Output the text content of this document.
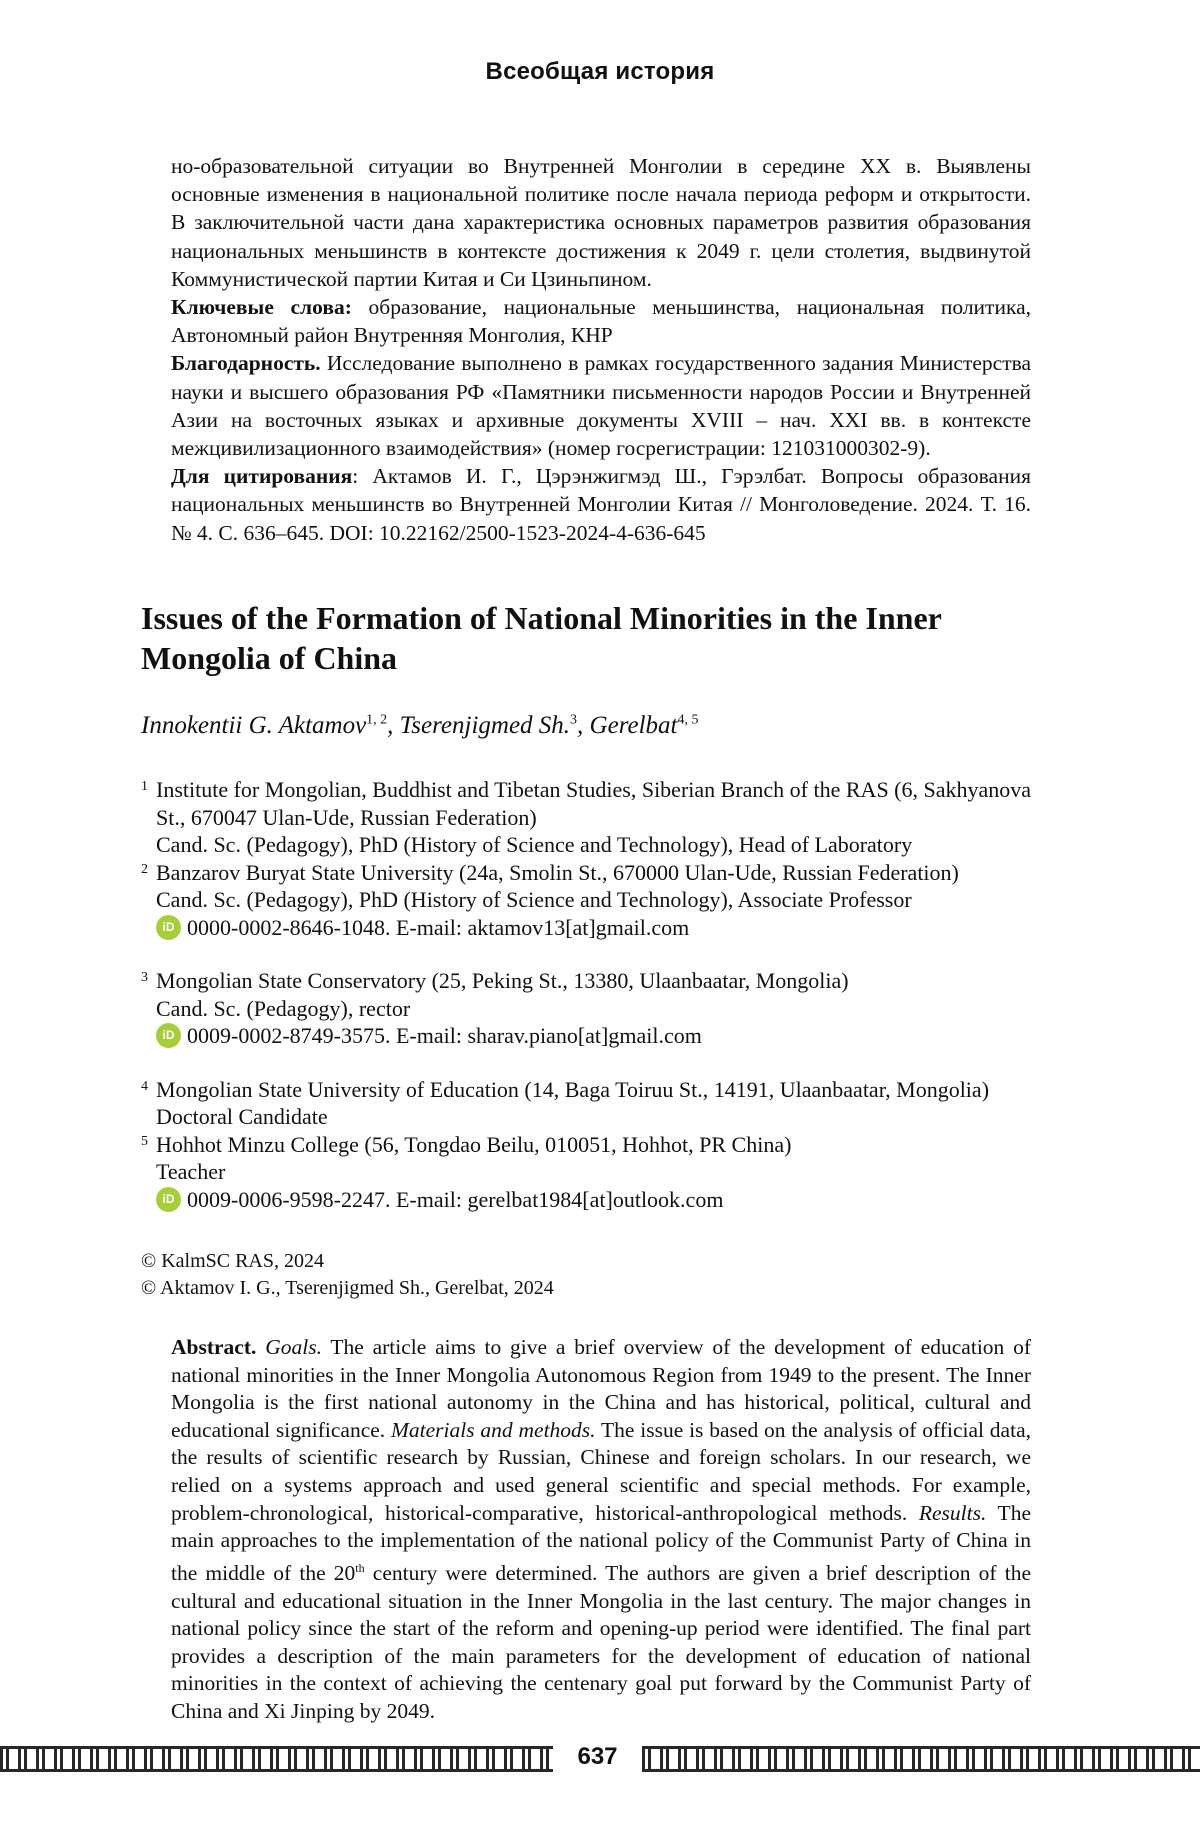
Всеобщая история

но-образовательной ситуации во Внутренней Монголии в середине XX в. Выявлены основные изменения в национальной политике после начала периода реформ и открытости. В заключительной части дана характеристика основных параметров развития образования национальных меньшинств в контексте достижения к 2049 г. цели столетия, выдвинутой Коммунистической партии Китая и Си Цзиньпином.

Ключевые слова: образование, национальные меньшинства, национальная политика, Автономный район Внутренняя Монголия, КНР

Благодарность. Исследование выполнено в рамках государственного задания Министерства науки и высшего образования РФ «Памятники письменности народов России и Внутренней Азии на восточных языках и архивные документы XVIII – нач. XXI вв. в контексте межцивилизационного взаимодействия» (номер госрегистрации: 121031000302-9).

Для цитирования: Актамов И. Г., Цэрэнжигмэд Ш., Гэрэлбат. Вопросы образования национальных меньшинств во Внутренней Монголии Китая // Монголоведение. 2024. Т. 16. № 4. С. 636–645. DOI: 10.22162/2500-1523-2024-4-636-645

Issues of the Formation of National Minorities in the Inner Mongolia of China
Innokentii G. Aktamov1, 2, Tserenjigmed Sh.3, Gerelbat4, 5
1 Institute for Mongolian, Buddhist and Tibetan Studies, Siberian Branch of the RAS (6, Sakhyanova St., 670047 Ulan-Ude, Russian Federation)
Cand. Sc. (Pedagogy), PhD (History of Science and Technology), Head of Laboratory
2 Banzarov Buryat State University (24a, Smolin St., 670000 Ulan-Ude, Russian Federation)
Cand. Sc. (Pedagogy), PhD (History of Science and Technology), Associate Professor
iD 0000-0002-8646-1048. E-mail: aktamov13[at]gmail.com
3 Mongolian State Conservatory (25, Peking St., 13380, Ulaanbaatar, Mongolia)
Cand. Sc. (Pedagogy), rector
iD 0009-0002-8749-3575. E-mail: sharav.piano[at]gmail.com
4 Mongolian State University of Education (14, Baga Toiruu St., 14191, Ulaanbaatar, Mongolia)
Doctoral Candidate
5 Hohhot Minzu College (56, Tongdao Beilu, 010051, Hohhot, PR China)
Teacher
iD 0009-0006-9598-2247. E-mail: gerelbat1984[at]outlook.com
© KalmSC RAS, 2024
© Aktamov I. G., Tserenjigmed Sh., Gerelbat, 2024

Abstract. Goals. The article aims to give a brief overview of the development of education of national minorities in the Inner Mongolia Autonomous Region from 1949 to the present. The Inner Mongolia is the first national autonomy in the China and has historical, political, cultural and educational significance. Materials and methods. The issue is based on the analysis of official data, the results of scientific research by Russian, Chinese and foreign scholars. In our research, we relied on a systems approach and used general scientific and special methods. For example, problem-chronological, historical-comparative, historical-anthropological methods. Results. The main approaches to the implementation of the national policy of the Communist Party of China in the middle of the 20th century were determined. The authors are given a brief description of the cultural and educational situation in the Inner Mongolia in the last century. The major changes in national policy since the start of the reform and opening-up period were identified. The final part provides a description of the main parameters for the development of education of national minorities in the context of achieving the centenary goal put forward by the Communist Party of China and Xi Jinping by 2049.

637
